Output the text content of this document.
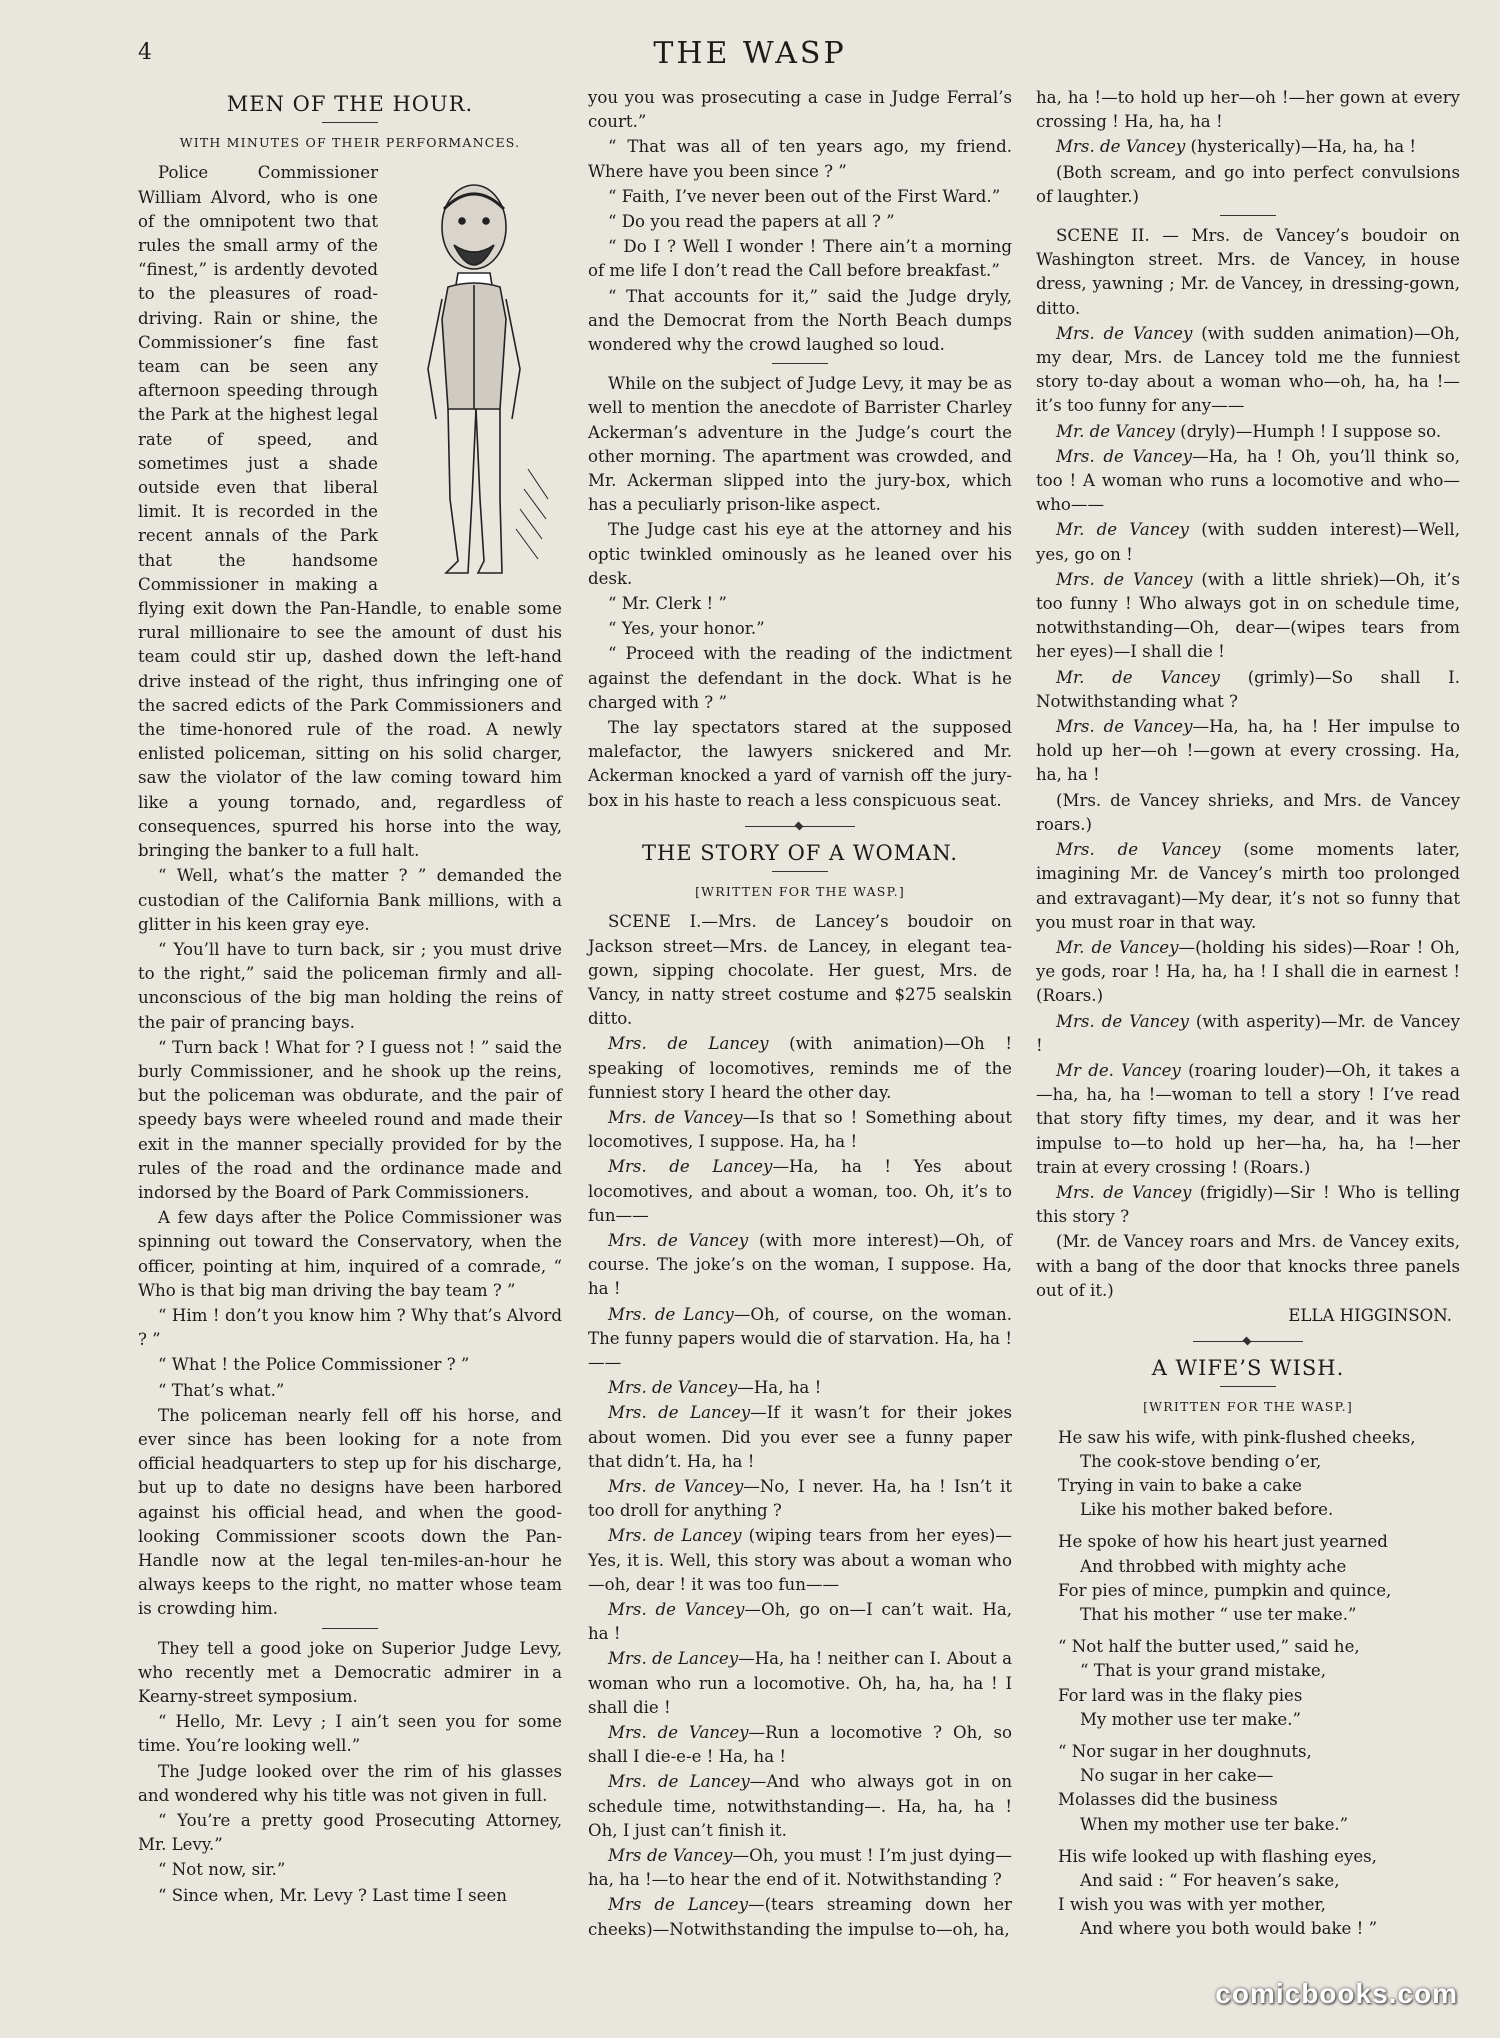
4	THE WASP
MEN OF THE HOUR.
WITH MINUTES OF THEIR PERFORMANCES.

Police Commissioner William Alvord, who is one of the omnipotent two that rules the small army of the “finest,” is ardently devoted to the pleasures of road-driving. Rain or shine, the Commissioner’s fine fast team can be seen any afternoon speeding through the Park at the highest legal rate of speed, and sometimes just a shade outside even that liberal limit. It is recorded in the recent annals of the Park that the handsome Commissioner in making a flying exit down the Pan-Handle, to enable some rural millionaire to see the amount of dust his team could stir up, dashed down the left-hand drive instead of the right, thus infringing one of the sacred edicts of the Park Commissioners and the time-honored rule of the road. A newly enlisted policeman, sitting on his solid charger, saw the violator of the law coming toward him like a young tornado, and, regardless of consequences, spurred his horse into the way, bringing the banker to a full halt.

“ Well, what’s the matter ? ” demanded the custodian of the California Bank millions, with a glitter in his keen gray eye.

“ You’ll have to turn back, sir ; you must drive to the right,” said the policeman firmly and all-unconscious of the big man holding the reins of the pair of prancing bays.

“ Turn back ! What for ? I guess not ! ” said the burly Commissioner, and he shook up the reins, but the policeman was obdurate, and the pair of speedy bays were wheeled round and made their exit in the manner specially provided for by the rules of the road and the ordinance made and indorsed by the Board of Park Commissioners.

A few days after the Police Commissioner was spinning out toward the Conservatory, when the officer, pointing at him, inquired of a comrade, “ Who is that big man driving the bay team ? ”

“ Him ! don’t you know him ? Why that’s Alvord ? ”

“ What ! the Police Commissioner ? ”

“ That’s what.”

The policeman nearly fell off his horse, and ever since has been looking for a note from official headquarters to step up for his discharge, but up to date no designs have been harbored against his official head, and when the good-looking Commissioner scoots down the Pan-Handle now at the legal ten-miles-an-hour he always keeps to the right, no matter whose team is crowding him.

They tell a good joke on Superior Judge Levy, who recently met a Democratic admirer in a Kearny-street symposium.

“ Hello, Mr. Levy ; I ain’t seen you for some time. You’re looking well.”

The Judge looked over the rim of his glasses and wondered why his title was not given in full.

“ You’re a pretty good Prosecuting Attorney, Mr. Levy.”

“ Not now, sir.”

“ Since when, Mr. Levy ? Last time I seen

you you was prosecuting a case in Judge Ferral’s court.”

“ That was all of ten years ago, my friend. Where have you been since ? ”

“ Faith, I’ve never been out of the First Ward.”

“ Do you read the papers at all ? ”

“ Do I ? Well I wonder ! There ain’t a morning of me life I don’t read the Call before breakfast.”

“ That accounts for it,” said the Judge dryly, and the Democrat from the North Beach dumps wondered why the crowd laughed so loud.

While on the subject of Judge Levy, it may be as well to mention the anecdote of Barrister Charley Ackerman’s adventure in the Judge’s court the other morning. The apartment was crowded, and Mr. Ackerman slipped into the jury-box, which has a peculiarly prison-like aspect.

The Judge cast his eye at the attorney and his optic twinkled ominously as he leaned over his desk.

“ Mr. Clerk ! ”

“ Yes, your honor.”

“ Proceed with the reading of the indictment against the defendant in the dock. What is he charged with ? ”

The lay spectators stared at the supposed malefactor, the lawyers snickered and Mr. Ackerman knocked a yard of varnish off the jury-box in his haste to reach a less conspicuous seat.

THE STORY OF A WOMAN.
[WRITTEN FOR THE WASP.]

SCENE I.—Mrs. de Lancey’s boudoir on Jackson street—Mrs. de Lancey, in elegant tea-gown, sipping chocolate. Her guest, Mrs. de Vancy, in natty street costume and $275 sealskin ditto.

Mrs. de Lancey (with animation)—Oh ! speaking of locomotives, reminds me of the funniest story I heard the other day.

Mrs. de Vancey—Is that so ! Something about locomotives, I suppose. Ha, ha !

Mrs. de Lancey—Ha, ha ! Yes about locomotives, and about a woman, too. Oh, it’s to fun——

Mrs. de Vancey (with more interest)—Oh, of course. The joke’s on the woman, I suppose. Ha, ha !

Mrs. de Lancy—Oh, of course, on the woman. The funny papers would die of starvation. Ha, ha !——

Mrs. de Vancey—Ha, ha !

Mrs. de Lancey—If it wasn’t for their jokes about women. Did you ever see a funny paper that didn’t. Ha, ha !

Mrs. de Vancey—No, I never. Ha, ha ! Isn’t it too droll for anything ?

Mrs. de Lancey (wiping tears from her eyes)—Yes, it is. Well, this story was about a woman who—oh, dear ! it was too fun——

Mrs. de Vancey—Oh, go on—I can’t wait. Ha, ha !

Mrs. de Lancey—Ha, ha ! neither can I. About a woman who run a locomotive. Oh, ha, ha, ha ! I shall die !

Mrs. de Vancey—Run a locomotive ? Oh, so shall I die-e-e ! Ha, ha !

Mrs. de Lancey—And who always got in on schedule time, notwithstanding—. Ha, ha, ha ! Oh, I just can’t finish it.

Mrs de Vancey—Oh, you must ! I’m just dying—ha, ha !—to hear the end of it. Notwithstanding ?

Mrs de Lancey—(tears streaming down her cheeks)—Notwithstanding the impulse to—oh, ha,

ha, ha !—to hold up her—oh !—her gown at every crossing ! Ha, ha, ha !

Mrs. de Vancey (hysterically)—Ha, ha, ha !

(Both scream, and go into perfect convulsions of laughter.)

SCENE II. — Mrs. de Vancey’s boudoir on Washington street. Mrs. de Vancey, in house dress, yawning ; Mr. de Vancey, in dressing-gown, ditto.

Mrs. de Vancey (with sudden animation)—Oh, my dear, Mrs. de Lancey told me the funniest story to-day about a woman who—oh, ha, ha !—it’s too funny for any——

Mr. de Vancey (dryly)—Humph ! I suppose so.

Mrs. de Vancey—Ha, ha ! Oh, you’ll think so, too ! A woman who runs a locomotive and who—who——

Mr. de Vancey (with sudden interest)—Well, yes, go on !

Mrs. de Vancey (with a little shriek)—Oh, it’s too funny ! Who always got in on schedule time, notwithstanding—Oh, dear—(wipes tears from her eyes)—I shall die !

Mr. de Vancey (grimly)—So shall I. Notwithstanding what ?

Mrs. de Vancey—Ha, ha, ha ! Her impulse to hold up her—oh !—gown at every crossing. Ha, ha, ha !

(Mrs. de Vancey shrieks, and Mrs. de Vancey roars.)

Mrs. de Vancey (some moments later, imagining Mr. de Vancey’s mirth too prolonged and extravagant)—My dear, it’s not so funny that you must roar in that way.

Mr. de Vancey—(holding his sides)—Roar ! Oh, ye gods, roar ! Ha, ha, ha ! I shall die in earnest ! (Roars.)

Mrs. de Vancey (with asperity)—Mr. de Vancey !

Mr de. Vancey (roaring louder)—Oh, it takes a—ha, ha, ha !—woman to tell a story ! I’ve read that story fifty times, my dear, and it was her impulse to—to hold up her—ha, ha, ha !—her train at every crossing ! (Roars.)

Mrs. de Vancey (frigidly)—Sir ! Who is telling this story ?

(Mr. de Vancey roars and Mrs. de Vancey exits, with a bang of the door that knocks three panels out of it.)

ELLA HIGGINSON.
A WIFE’S WISH.
[WRITTEN FOR THE WASP.]
He saw his wife, with pink-flushed cheeks,
The cook-stove bending o’er,
Trying in vain to bake a cake
Like his mother baked before.
He spoke of how his heart just yearned
And throbbed with mighty ache
For pies of mince, pumpkin and quince,
That his mother “ use ter make.”
“ Not half the butter used,” said he,
“ That is your grand mistake,
For lard was in the flaky pies
My mother use ter make.”
“ Nor sugar in her doughnuts,
No sugar in her cake—
Molasses did the business
When my mother use ter bake.”
His wife looked up with flashing eyes,
And said : “ For heaven’s sake,
I wish you was with yer mother,
And where you both would bake ! ”
comicbooks.com
